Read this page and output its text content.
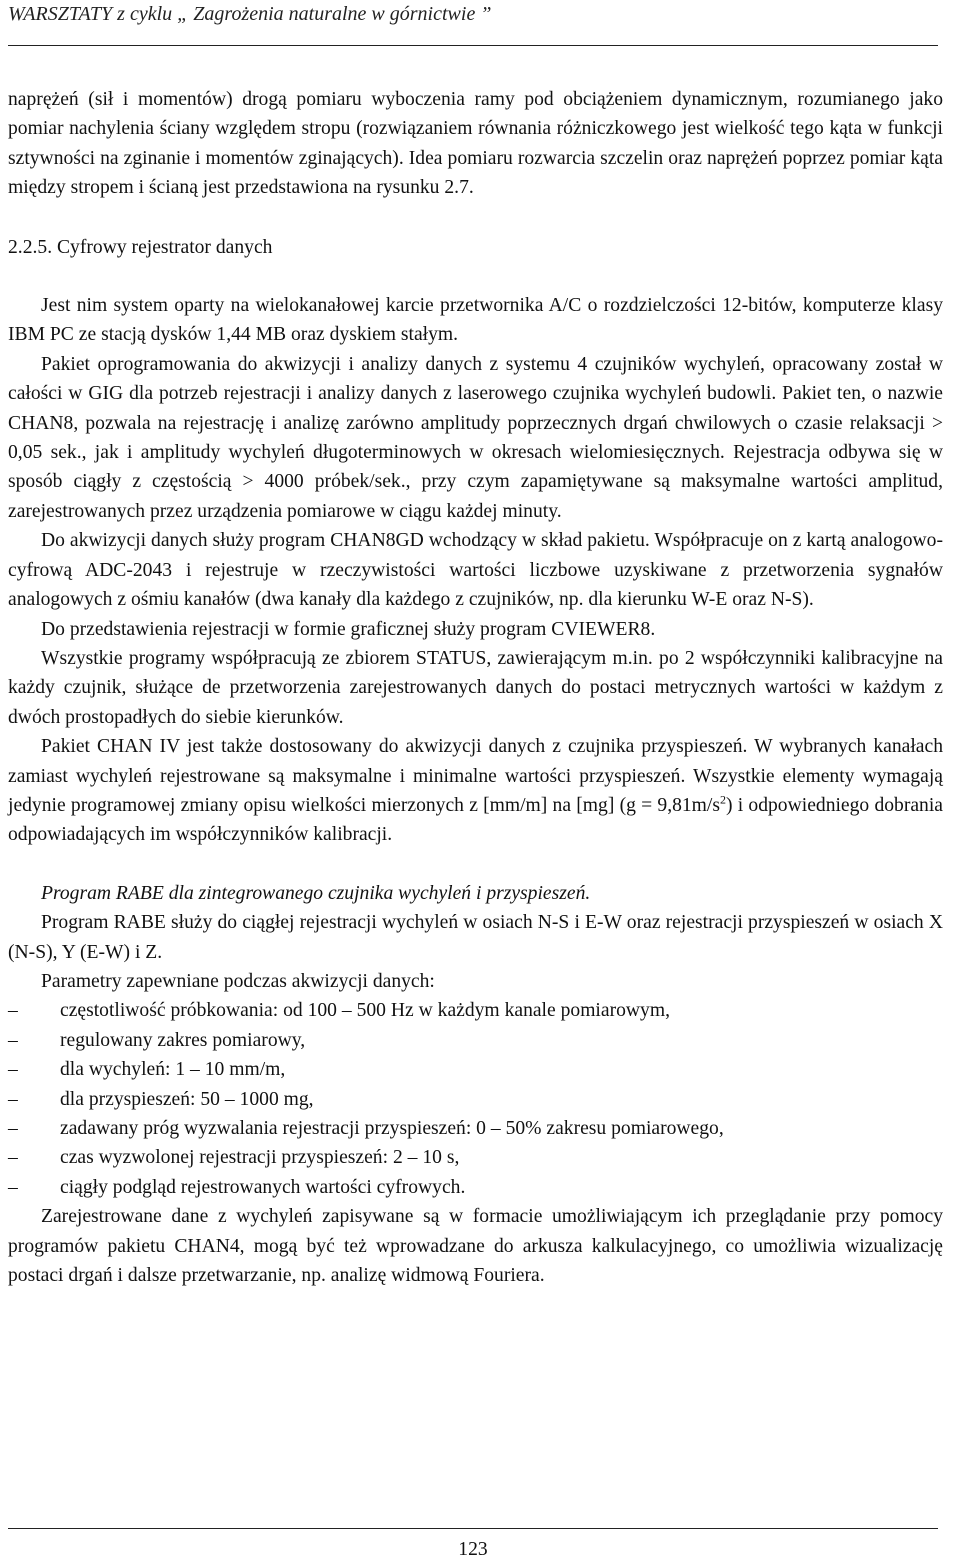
WARSZTATY z cyklu „ Zagrożenia naturalne w górnictwie ”

naprężeń (sił i momentów) drogą pomiaru wyboczenia ramy pod obciążeniem dynamicznym, rozumianego jako pomiar nachylenia ściany względem stropu (rozwiązaniem równania różniczkowego jest wielkość tego kąta w funkcji sztywności na zginanie i momentów zginających). Idea pomiaru rozwarcia szczelin oraz naprężeń poprzez pomiar kąta między stropem i ścianą jest przedstawiona na rysunku 2.7.

2.2.5. Cyfrowy rejestrator danych

Jest nim system oparty na wielokanałowej karcie przetwornika A/C o rozdzielczości 12-bitów, komputerze klasy IBM PC ze stacją dysków 1,44 MB oraz dyskiem stałym.

Pakiet oprogramowania do akwizycji i analizy danych z systemu 4 czujników wychyleń, opracowany został w całości w GIG dla potrzeb rejestracji i analizy danych z laserowego czujnika wychyleń budowli. Pakiet ten, o nazwie CHAN8, pozwala na rejestrację i analizę zarówno amplitudy poprzecznych drgań chwilowych o czasie relaksacji > 0,05 sek., jak i amplitudy wychyleń długoterminowych w okresach wielomiesięcznych. Rejestracja odbywa się w sposób ciągły z częstością > 4000 próbek/sek., przy czym zapamiętywane są maksymalne wartości amplitud, zarejestrowanych przez urządzenia pomiarowe w ciągu każdej minuty.

Do akwizycji danych służy program CHAN8GD wchodzący w skład pakietu. Współpracuje on z kartą analogowo-cyfrową ADC-2043 i rejestruje w rzeczywistości wartości liczbowe uzyskiwane z przetworzenia sygnałów analogowych z ośmiu kanałów (dwa kanały dla każdego z czujników, np. dla kierunku W-E oraz N-S).

Do przedstawienia rejestracji w formie graficznej służy program CVIEWER8.

Wszystkie programy współpracują ze zbiorem STATUS, zawierającym m.in. po 2 współczynniki kalibracyjne na każdy czujnik, służące de przetworzenia zarejestrowanych danych do postaci metrycznych wartości w każdym z dwóch prostopadłych do siebie kierunków.

Pakiet CHAN IV jest także dostosowany do akwizycji danych z czujnika przyspieszeń. W wybranych kanałach zamiast wychyleń rejestrowane są maksymalne i minimalne wartości przyspieszeń. Wszystkie elementy wymagają jedynie programowej zmiany opisu wielkości mierzonych z [mm/m] na [mg] $(g = 9,81m/s^2)$ i odpowiedniego dobrania odpowiadających im współczynników kalibracji.

Program RABE dla zintegrowanego czujnika wychyleń i przyspieszeń.

Program RABE służy do ciągłej rejestracji wychyleń w osiach N-S i E-W oraz rejestracji przyspieszeń w osiach X (N-S), Y (E-W) i Z.

Parametry zapewniane podczas akwizycji danych:

– częstotliwość próbkowania: od 100 – 500 Hz w każdym kanale pomiarowym,
– regulowany zakres pomiarowy,
– dla wychyleń: 1 – 10 mm/m,
– dla przyspieszeń: 50 – 1000 mg,
– zadawany próg wyzwalania rejestracji przyspieszeń: 0 – 50% zakresu pomiarowego,
– czas wyzwolonej rejestracji przyspieszeń: 2 – 10 s,
– ciągły podgląd rejestrowanych wartości cyfrowych.

Zarejestrowane dane z wychyleń zapisywane są w formacie umożliwiającym ich przeglądanie przy pomocy programów pakietu CHAN4, mogą być też wprowadzane do arkusza kalkulacyjnego, co umożliwia wizualizację postaci drgań i dalsze przetwarzanie, np. analizę widmową Fouriera.

123
